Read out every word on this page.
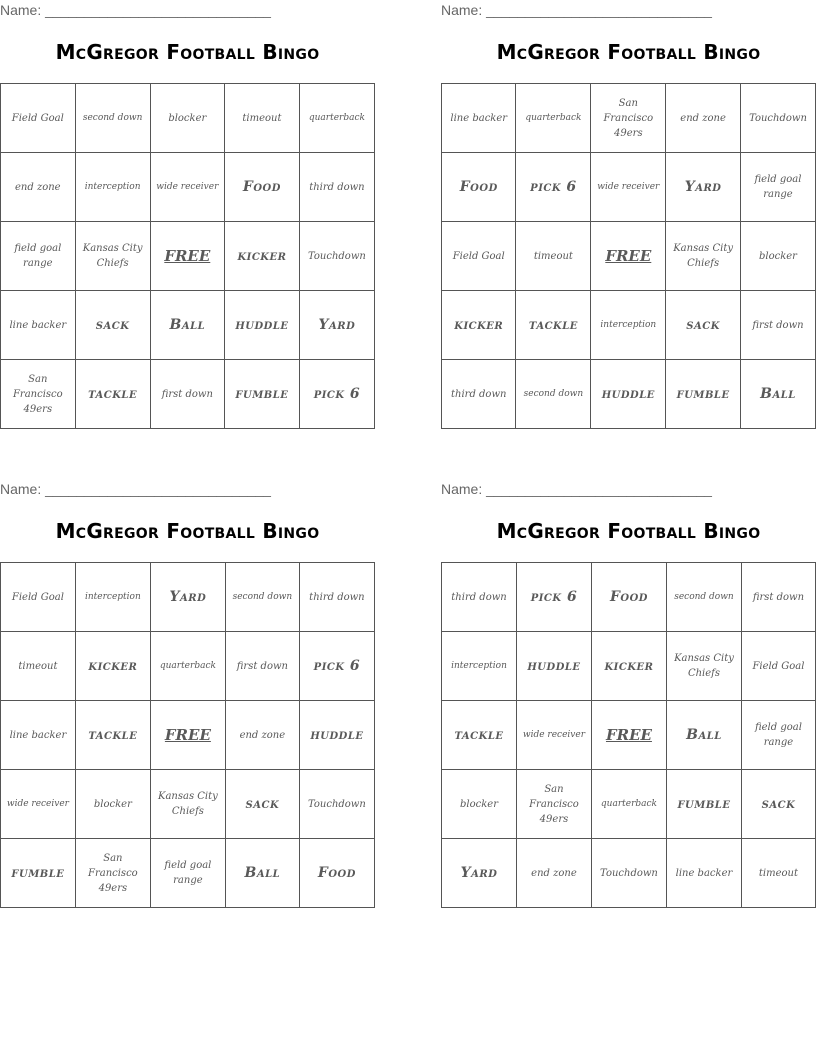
Name: _____________________________
McGregor Football Bingo
Field Goal	second down	blocker	timeout	quarterback
end zone	interception	wide receiver	Food	third down
field goal range	Kansas City Chiefs	FREE	kicker	Touchdown
line backer	sack	Ball	huddle	Yard
San Francisco 49ers	tackle	first down	fumble	pick 6
Name: _____________________________
McGregor Football Bingo
line backer	quarterback	San Francisco 49ers	end zone	Touchdown
Food	pick 6	wide receiver	Yard	field goal range
Field Goal	timeout	FREE	Kansas City Chiefs	blocker
kicker	tackle	interception	sack	first down
third down	second down	huddle	fumble	Ball
Name: _____________________________
McGregor Football Bingo
Field Goal	interception	Yard	second down	third down
timeout	kicker	quarterback	first down	pick 6
line backer	tackle	FREE	end zone	huddle
wide receiver	blocker	Kansas City Chiefs	sack	Touchdown
fumble	San Francisco 49ers	field goal range	Ball	Food
Name: _____________________________
McGregor Football Bingo
third down	pick 6	Food	second down	first down
interception	huddle	kicker	Kansas City Chiefs	Field Goal
tackle	wide receiver	FREE	Ball	field goal range
blocker	San Francisco 49ers	quarterback	fumble	sack
Yard	end zone	Touchdown	line backer	timeout
